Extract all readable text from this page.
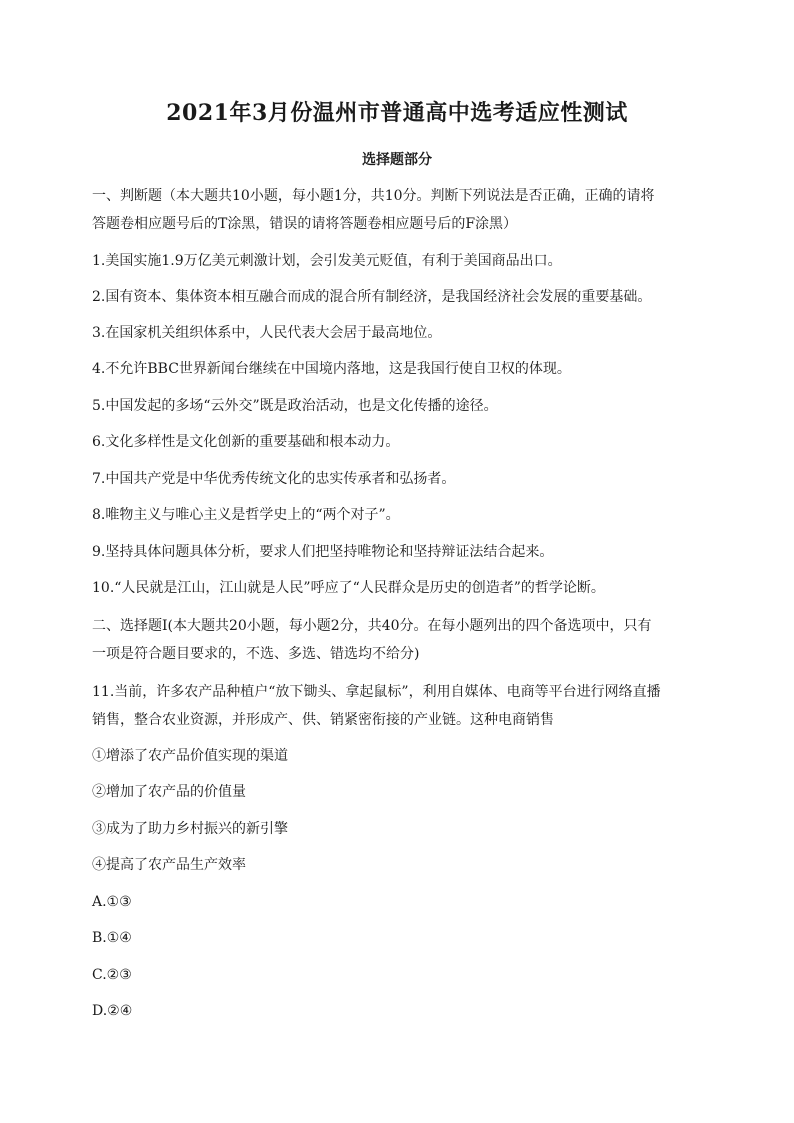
2021年3月份温州市普通高中选考适应性测试
选择题部分
一、判断题（本大题共10小题，每小题1分，共10分。判断下列说法是否正确，正确的请将
答题卷相应题号后的T涂黑，错误的请将答题卷相应题号后的F涂黑）
1.美国实施1.9万亿美元刺激计划，会引发美元贬值，有利于美国商品出口。
2.国有资本、集体资本相互融合而成的混合所有制经济，是我国经济社会发展的重要基础。
3.在国家机关组织体系中，人民代表大会居于最高地位。
4.不允许BBC世界新闻台继续在中国境内落地，这是我国行使自卫权的体现。
5.中国发起的多场“云外交”既是政治活动，也是文化传播的途径。
6.文化多样性是文化创新的重要基础和根本动力。
7.中国共产党是中华优秀传统文化的忠实传承者和弘扬者。
8.唯物主义与唯心主义是哲学史上的“两个对子”。
9.坚持具体问题具体分析，要求人们把坚持唯物论和坚持辩证法结合起来。
10.“人民就是江山，江山就是人民”呼应了“人民群众是历史的创造者”的哲学论断。
二、选择题I(本大题共20小题，每小题2分，共40分。在每小题列出的四个备选项中，只有
一项是符合题目要求的，不选、多选、错选均不给分)
11.当前，许多农产品种植户“放下锄头、拿起鼠标”，利用自媒体、电商等平台进行网络直播
销售，整合农业资源，并形成产、供、销紧密衔接的产业链。这种电商销售
①增添了农产品价值实现的渠道
②增加了农产品的价值量
③成为了助力乡村振兴的新引擎
④提高了农产品生产效率
A.①③
B.①④
C.②③
D.②④
